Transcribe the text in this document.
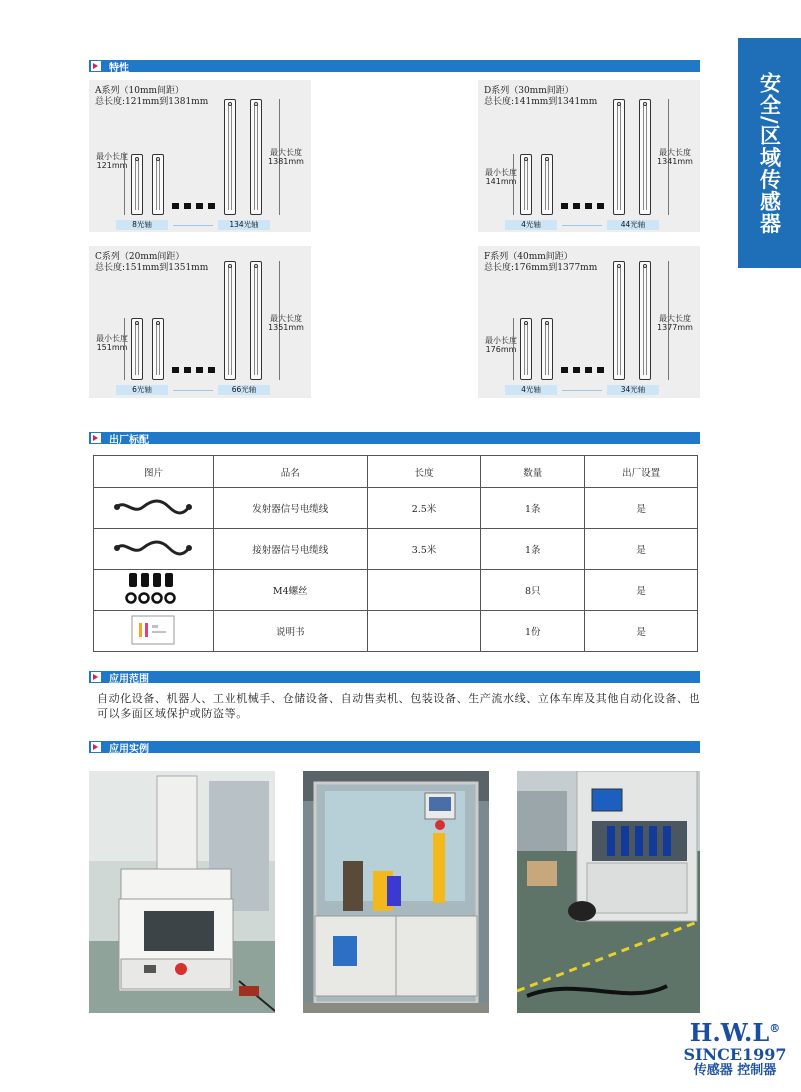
安全/区域传感器
特性
A系列（10mm间距）
总长度:121mm到1381mm
最小长度
121mm
最大长度
1381mm
8光轴	134光轴
D系列（30mm间距）
总长度:141mm到1341mm
最小长度
141mm
最大长度
1341mm
4光轴	44光轴
C系列（20mm间距）
总长度:151mm到1351mm
最小长度
151mm
最大长度
1351mm
6光轴	66光轴
F系列（40mm间距）
总长度:176mm到1377mm
最小长度
176mm
最大长度
1377mm
4光轴	34光轴
出厂标配
图片	品名	长度	数量	出厂设置
	发射器信号电缆线	2.5米	1条	是
	接射器信号电缆线	3.5米	1条	是
	M4螺丝		8只	是
	说明书		1份	是
应用范围
自动化设备、机器人、工业机械手、仓储设备、自动售卖机、包装设备、生产流水线、立体车库及其他自动化设备、也可以多面区域保护或防盗等。
应用实例
H.W.L®
SINCE1997
传感器 控制器
